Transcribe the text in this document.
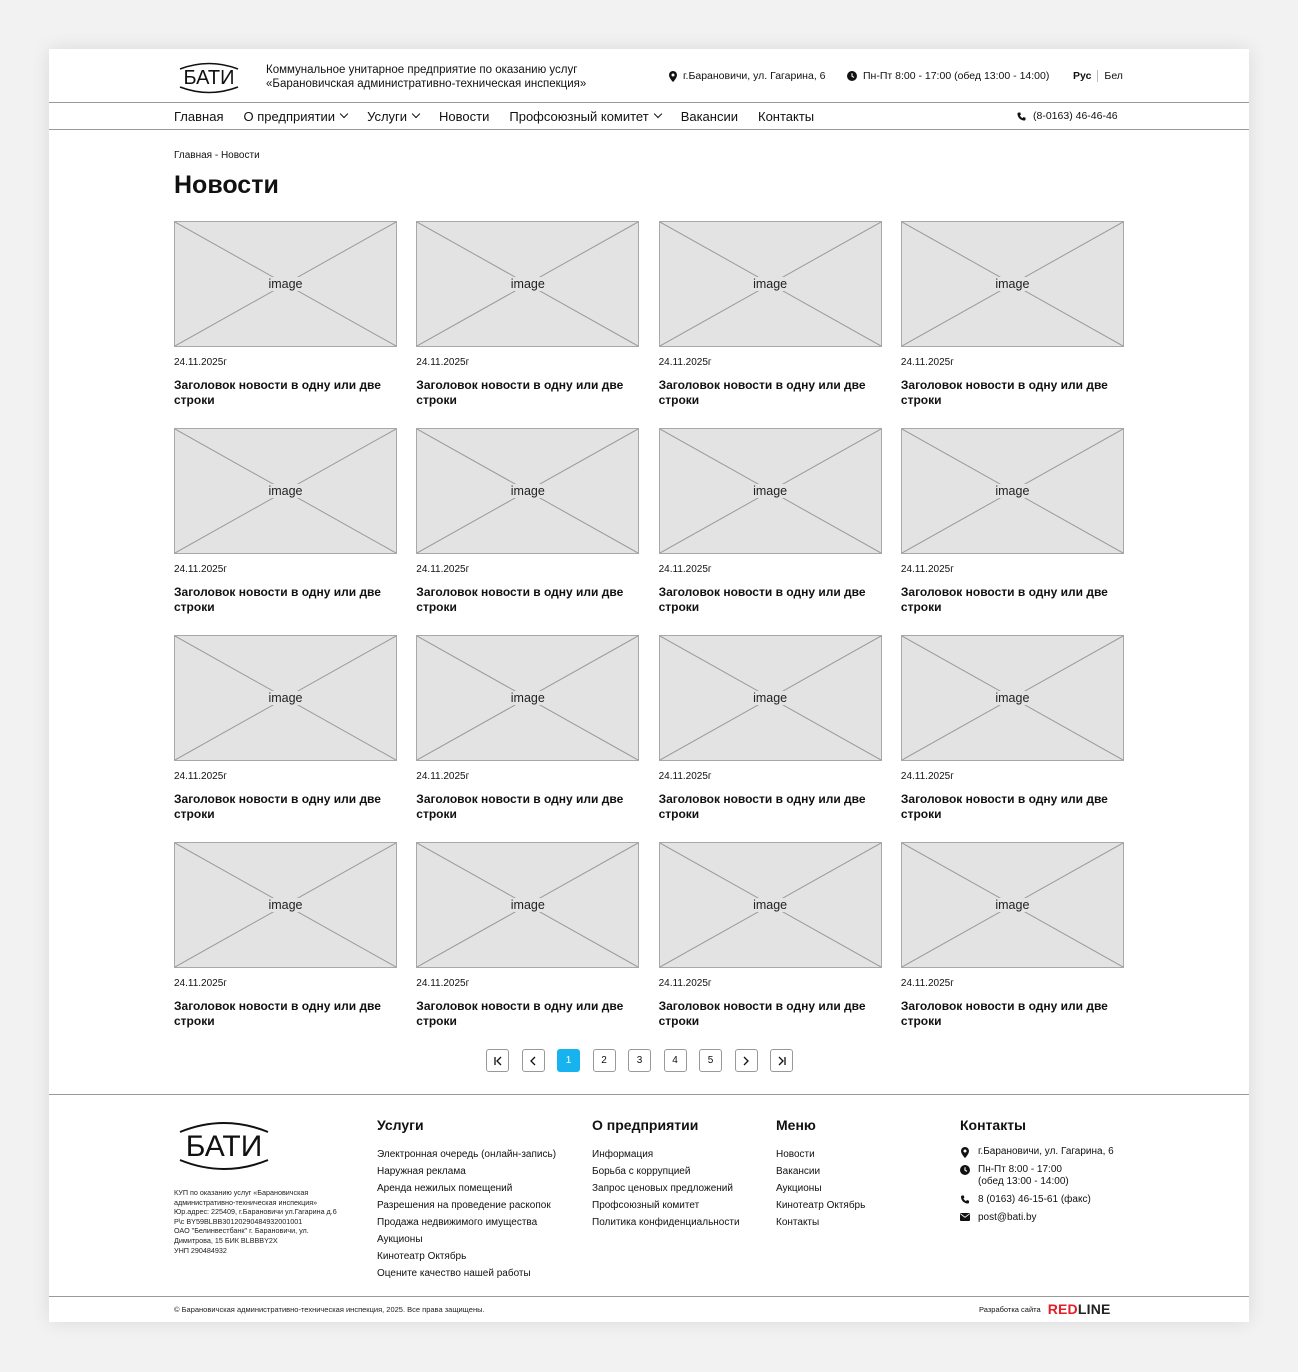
БАТИ	Коммунальное унитарное предприятие по оказанию услуг
«Барановичская административно-техническая инспекция»
г.Барановичи, ул. Гагарина, 6	Пн-Пт 8:00 - 17:00 (обед 13:00 - 14:00) Рус Бел
Главная О предприятии Услуги Новости Профсоюзный комитет Вакансии Контакты	(8-0163) 46-46-46
Главная - Новости
Новости
image
24.11.2025г
Заголовок новости в одну или две строки
image
24.11.2025г
Заголовок новости в одну или две строки
image
24.11.2025г
Заголовок новости в одну или две строки
image
24.11.2025г
Заголовок новости в одну или две строки
image
24.11.2025г
Заголовок новости в одну или две строки
image
24.11.2025г
Заголовок новости в одну или две строки
image
24.11.2025г
Заголовок новости в одну или две строки
image
24.11.2025г
Заголовок новости в одну или две строки
image
24.11.2025г
Заголовок новости в одну или две строки
image
24.11.2025г
Заголовок новости в одну или две строки
image
24.11.2025г
Заголовок новости в одну или две строки
image
24.11.2025г
Заголовок новости в одну или две строки
image
24.11.2025г
Заголовок новости в одну или две строки
image
24.11.2025г
Заголовок новости в одну или две строки
image
24.11.2025г
Заголовок новости в одну или две строки
image
24.11.2025г
Заголовок новости в одну или две строки
1	2	3	4	5
БАТИ
КУП по оказанию услуг «Барановичская
административно-техническая инспекция»
Юр.адрес: 225409, г.Барановичи ул.Гагарина д.6
Р\с BY59BLBB30120290484932001001
ОАО "Белинвестбанк" г. Барановичи, ул.
Димитрова, 15 БИК BLBBBY2X
УНП 290484932
Услуги
Электронная очередь (онлайн-запись)
Наружная реклама
Аренда нежилых помещений
Разрешения на проведение раскопок
Продажа недвижимого имущества
Аукционы
Кинотеатр Октябрь
Оцените качество нашей работы
О предприятии
Информация
Борьба с коррупцией
Запрос ценовых предложений
Профсоюзный комитет
Политика конфиденциальности
Меню
Новости
Вакансии
Аукционы
Кинотеатр Октябрь
Контакты
Контакты
г.Барановичи, ул. Гагарина, 6
Пн-Пт 8:00 - 17:00
(обед 13:00 - 14:00)
8 (0163) 46-15-61 (факс)
post@bati.by
© Барановичская административно-техническая инспекция, 2025. Все права защищены.	Разработка сайта REDLINE
